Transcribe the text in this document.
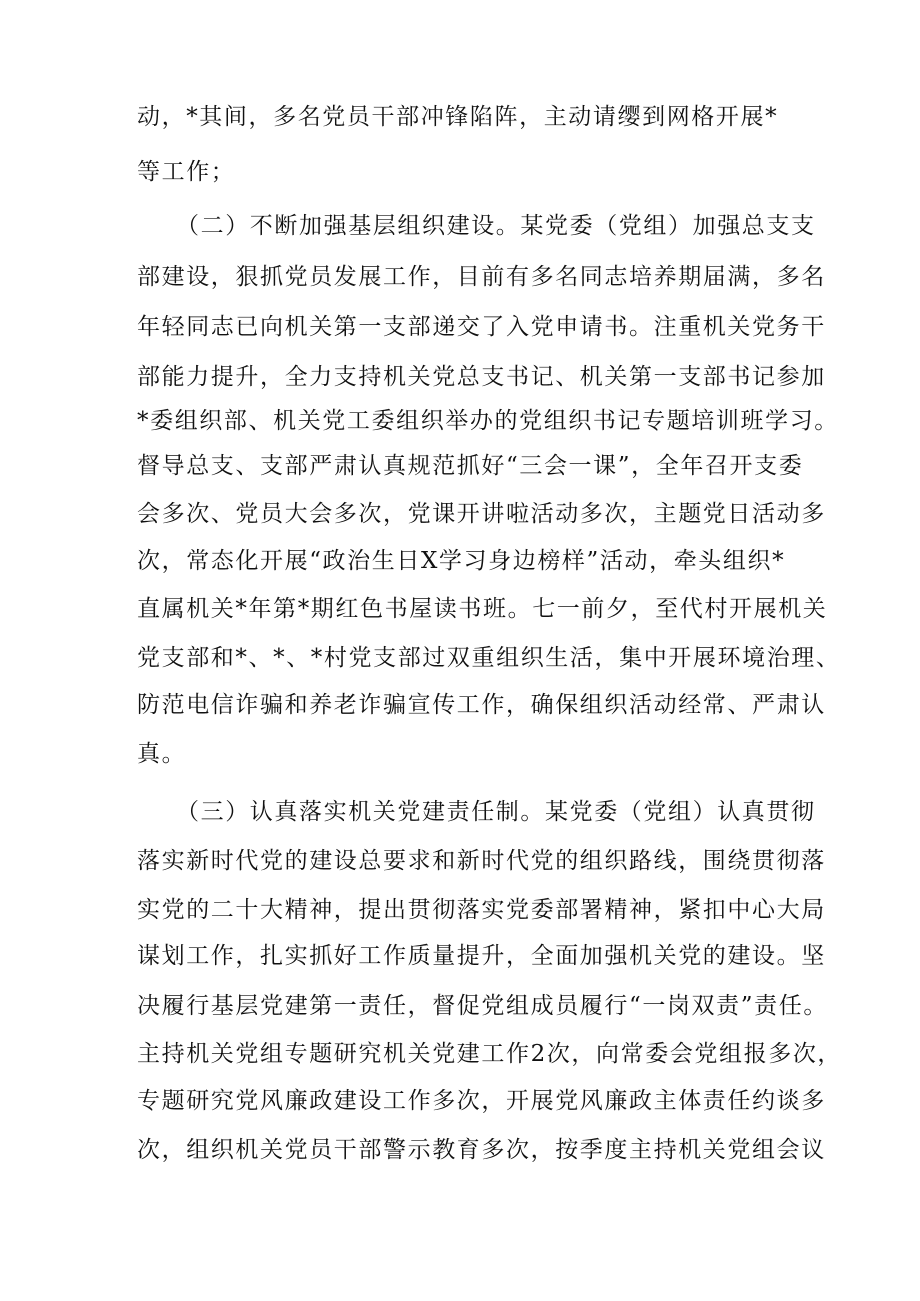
动，*其间，多名党员干部冲锋陷阵，主动请缨到网格开展*
等工作；
（二）不断加强基层组织建设。某党委（党组）加强总支支
部建设，狠抓党员发展工作，目前有多名同志培养期届满，多名
年轻同志已向机关第一支部递交了入党申请书。注重机关党务干
部能力提升，全力支持机关党总支书记、机关第一支部书记参加
*委组织部、机关党工委组织举办的党组织书记专题培训班学习。
督导总支、支部严肃认真规范抓好“三会一课”，全年召开支委
会多次、党员大会多次，党课开讲啦活动多次，主题党日活动多
次，常态化开展“政治生日X学习身边榜样”活动，牵头组织*
直属机关*年第*期红色书屋读书班。七一前夕，至代村开展机关
党支部和*、*、*村党支部过双重组织生活，集中开展环境治理、
防范电信诈骗和养老诈骗宣传工作，确保组织活动经常、严肃认
真。
（三）认真落实机关党建责任制。某党委（党组）认真贯彻
落实新时代党的建设总要求和新时代党的组织路线，围绕贯彻落
实党的二十大精神，提出贯彻落实党委部署精神，紧扣中心大局
谋划工作，扎实抓好工作质量提升，全面加强机关党的建设。坚
决履行基层党建第一责任，督促党组成员履行“一岗双责”责任。
主持机关党组专题研究机关党建工作2次，向常委会党组报多次，
专题研究党风廉政建设工作多次，开展党风廉政主体责任约谈多
次，组织机关党员干部警示教育多次，按季度主持机关党组会议
